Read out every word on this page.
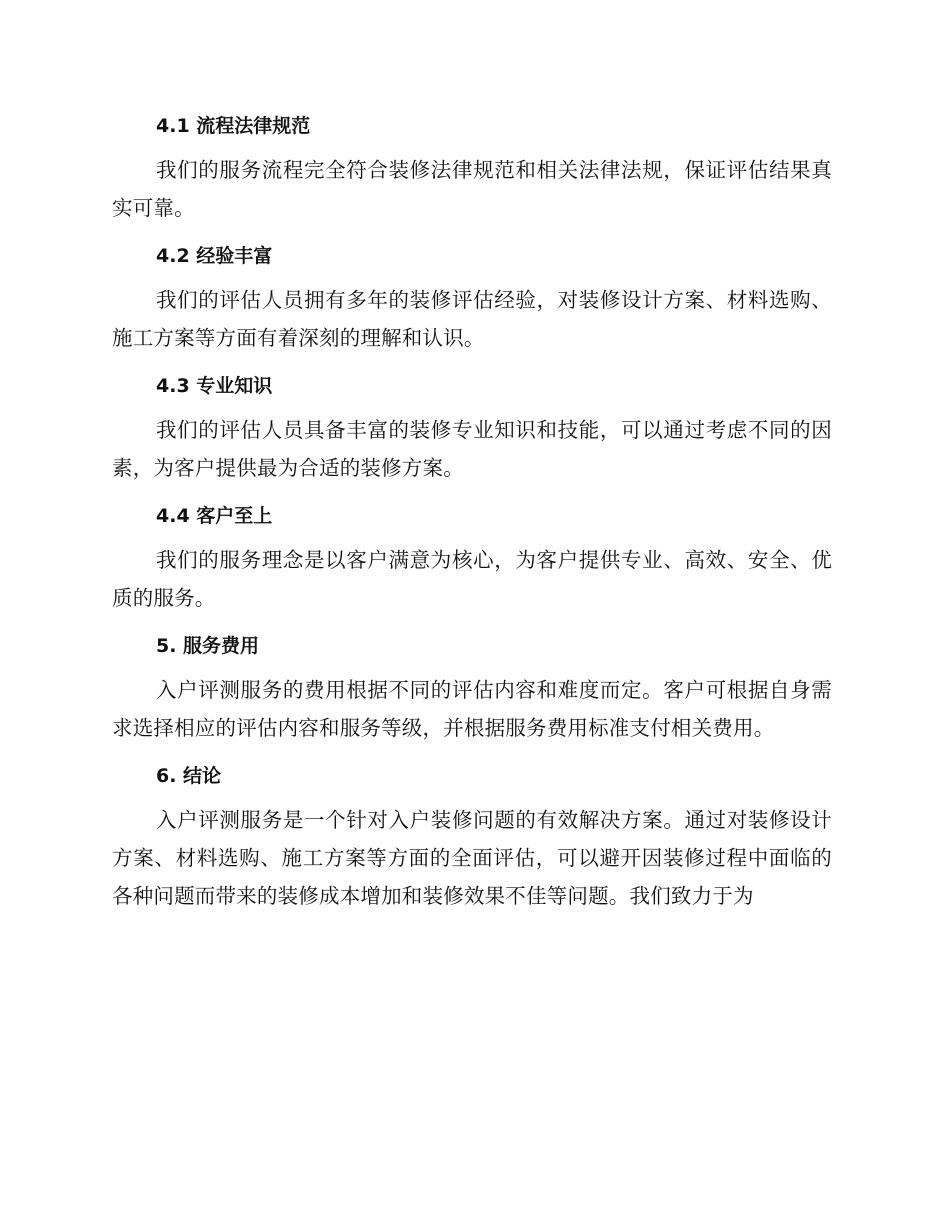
4.1 流程法律规范

我们的服务流程完全符合装修法律规范和相关法律法规，保证评估结果真实可靠。

4.2 经验丰富

我们的评估人员拥有多年的装修评估经验，对装修设计方案、材料选购、施工方案等方面有着深刻的理解和认识。

4.3 专业知识

我们的评估人员具备丰富的装修专业知识和技能，可以通过考虑不同的因素，为客户提供最为合适的装修方案。

4.4 客户至上

我们的服务理念是以客户满意为核心，为客户提供专业、高效、安全、优质的服务。

5. 服务费用

入户评测服务的费用根据不同的评估内容和难度而定。客户可根据自身需求选择相应的评估内容和服务等级，并根据服务费用标准支付相关费用。

6. 结论

入户评测服务是一个针对入户装修问题的有效解决方案。通过对装修设计方案、材料选购、施工方案等方面的全面评估，可以避开因装修过程中面临的各种问题而带来的装修成本增加和装修效果不佳等问题。我们致力于为
